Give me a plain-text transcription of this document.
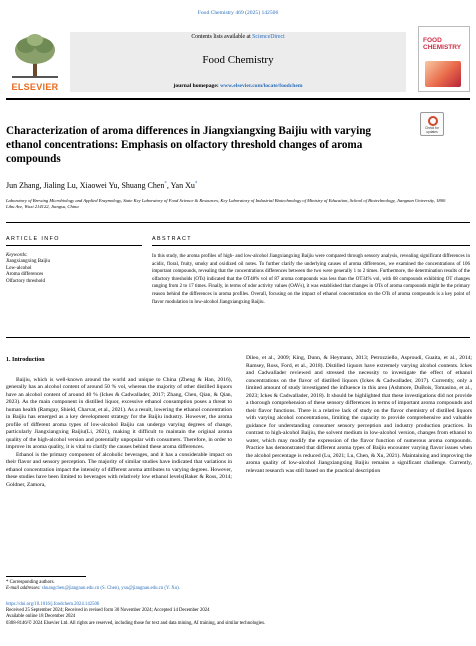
Food Chemistry 469 (2025) 142506
ELSEVIER
Contents lists available at ScienceDirect
Food Chemistry
journal homepage: www.elsevier.com/locate/foodchem
FOOD CHEMISTRY
Check for updates
Characterization of aroma differences in Jiangxiangxing Baijiu with varying ethanol concentrations: Emphasis on olfactory threshold changes of aroma compounds
Jun Zhang, Jialing Lu, Xiaowei Yu, Shuang Chen*, Yan Xu*
Laboratory of Brewing Microbiology and Applied Enzymology, State Key Laboratory of Food Science & Resources, Key Laboratory of Industrial Biotechnology of Ministry of Education, School of Biotechnology, Jiangnan University, 1800 Lihu Ave, Wuxi 214122, Jiangsu, China
ARTICLE INFO	ABSTRACT
Keywords:
Jiangxiangxing Baijiu
Low-alcohol
Aroma differences
Olfactory threshold
In this study, the aroma profiles of high- and low-alcohol Jiangxiangxing Baijiu were compared through sensory analysis, revealing significant differences in acidic, floral, fruity, smoky and oxidized oil notes. To further clarify the underlying causes of aroma differences, we examined the concentrations of 106 important compounds, revealing that the concentrations differences between the two were generally 1 to 2 times. Furthermore, the determination results of the olfactory thresholds (OTs) indicated that the OT48% vol of 87 aroma compounds was less than the OT34% vol, with 68 compounds exhibiting OT changes ranging from 2 to 17 times. Finally, in terms of odor activity values (OAVs), it was established that changes in OTs of aroma compounds might be the primary reason behind the differences in aroma profiles. Overall, focusing on the impact of ethanol concentration on the OTs of aroma compounds is a key point of flavor modulation in low-alcohol Jiangxiangxing Baijiu.
1. Introduction

Baijiu, which is well-known around the world and unique to China (Zheng & Han, 2016), generally has an alcohol content of around 50 % vol, whereas the majority of other distilled liquors have an alcohol content of around 40 % (Ickes & Cadwallader, 2017; Zhang, Chen, Qian, & Qian, 2023). As the main component in distilled liquor, excessive ethanol consumption poses a threat to human health (Ramgay, Shield, Charvat, et al., 2021). As a result, lowering the ethanol concentration in Baijiu has emerged as a key development strategy for the Baijiu industry. However, the aroma profile of different aroma types of low-alcohol Baijiu can undergo varying degrees of change, particularly Jiangxiangxing Baijiu(Li, 2021), making it difficult to maintain the original aroma quality of the high-alcohol version and potentially unpopular with consumers. Therefore, in order to improve its aroma quality, it is vital to clarify the causes behind these aroma differences.

Ethanol is the primary component of alcoholic beverages, and it has a considerable impact on their flavor and sensory perception. The majority of similar studies have indicated that variations in ethanol concentration impact the intensity of different aroma attributes to varying degrees. However, these studies have been limited to beverages with relatively low ethanol levels(Baker & Ross, 2014; Goldner, Zamora,

Dileo, et al., 2009; King, Dunn, & Heymann, 2013; Petrozziello, Asproudi, Guaita, et al., 2014; Ramsey, Ross, Ford, et al., 2018). Distilled liquors have extremely varying alcohol contents. Ickes and Cadwallader reviewed and stressed the necessity to investigate the effect of ethanol concentrations on the flavor of distilled liquors (Ickes & Cadwallader, 2017). Currently, only a limited amount of study investigated the influence in this area (Ashmore, DuBois, Tomasino, et al., 2023; Ickes & Cadwallader, 2018). It should be highlighted that these investigations did not provide a thorough comprehension of these sensory differences in terms of important aroma compounds and their flavor functions. There is a relative lack of study on the flavor chemistry of distilled liquors with varying alcohol concentrations, limiting the capacity to provide comprehensive and valuable guidance for understanding consumer sensory perception and industry production practices. In contrast to high-alcohol Baijiu, the solvent medium in low-alcohol version, changes from ethanol to water, which may modify the expression of the flavor function of numerous aroma compounds. Practice has demonstrated that different aroma types of Baijiu encounter varying flavor issues when the alcohol percentage is reduced (Lu, 2021; Lu, Chen, & Xu, 2021). Maintaining and improving the aroma quality of low-alcohol Jiangxiangxing Baijiu remains a significant challenge. Currently, relevant research was still based on the practical description

* Corresponding authors.
E-mail addresses: shuangchen@jiangnan.edu.cn (S. Chen), yxu@jiangnan.edu.cn (Y. Xu).
https://doi.org/10.1016/j.foodchem.2024.142506
Received 25 September 2024; Received in revised form 30 November 2024; Accepted 14 December 2024
Available online 18 December 2024
0308-8146/© 2024 Elsevier Ltd. All rights are reserved, including those for text and data mining, AI training, and similar technologies.
